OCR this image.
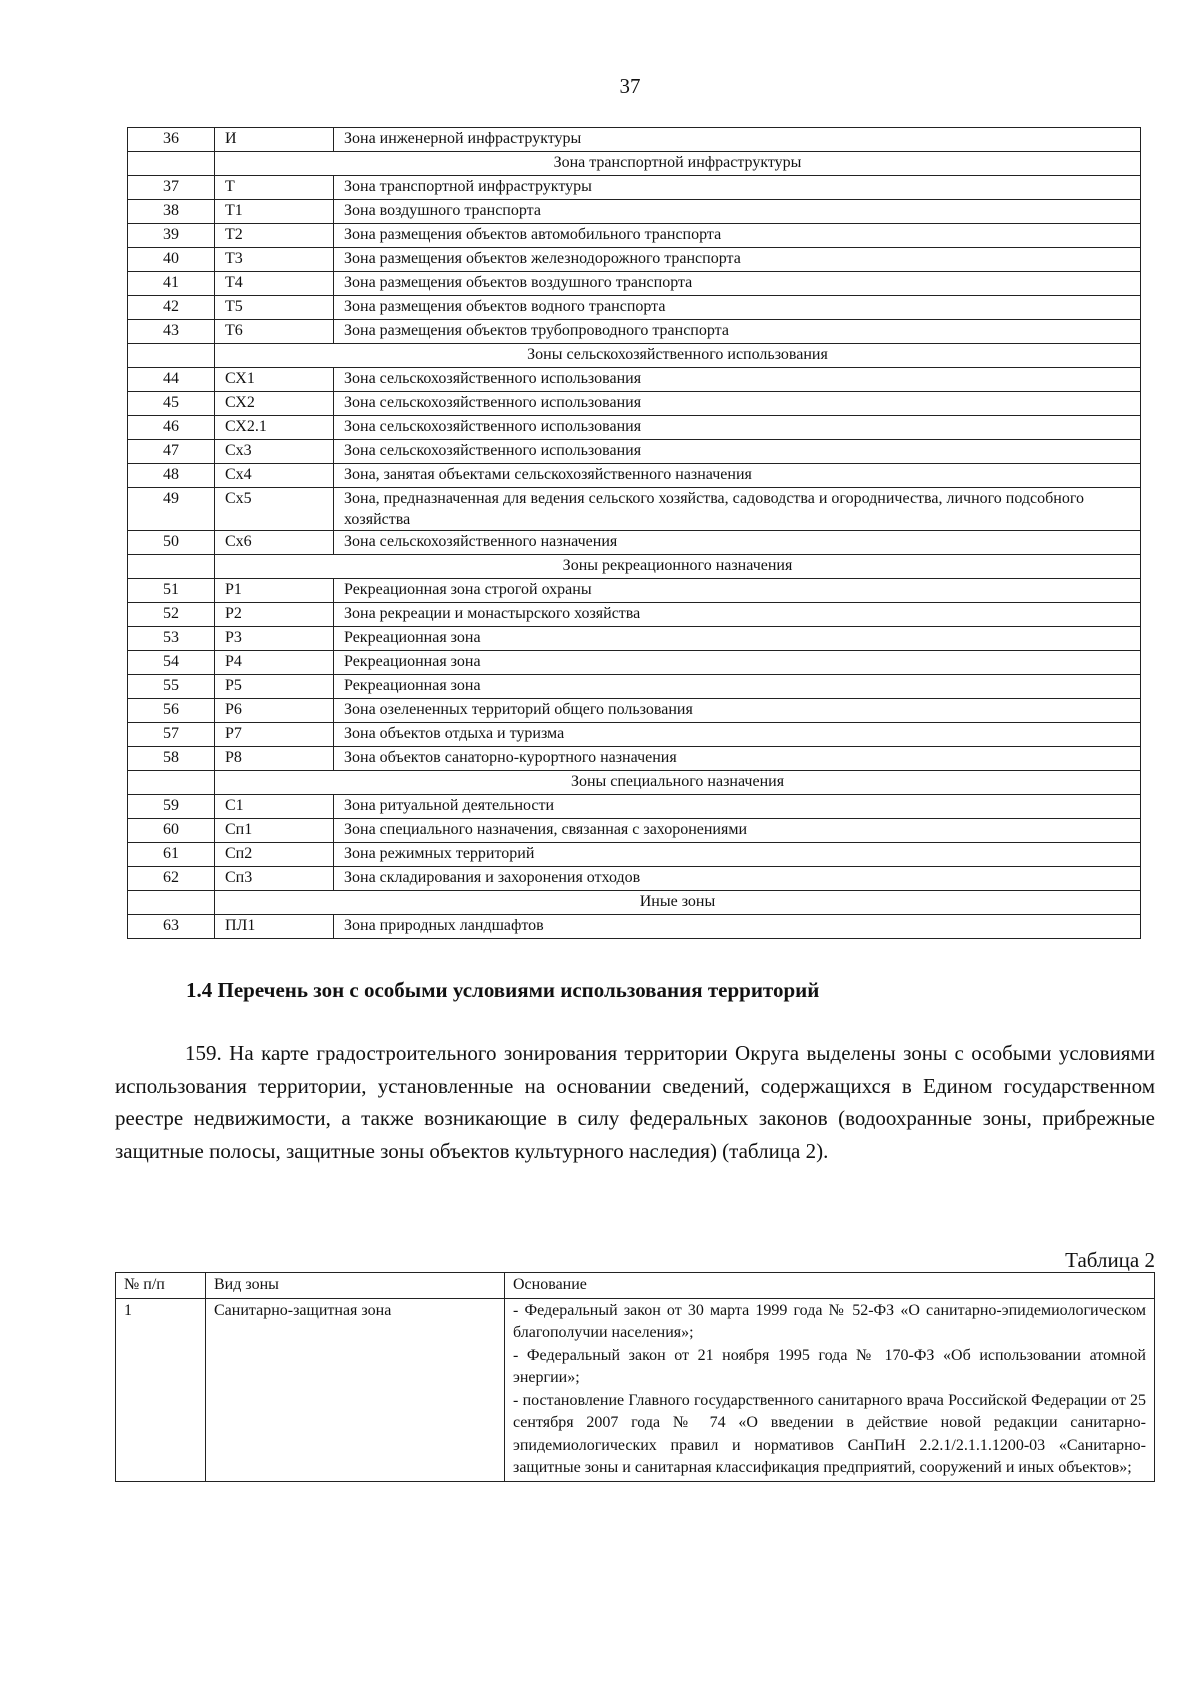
37
36	И	Зона инженерной инфраструктуры
	Зона транспортной инфраструктуры	
37	Т	Зона транспортной инфраструктуры
38	Т1	Зона воздушного транспорта
39	Т2	Зона размещения объектов автомобильного транспорта
40	Т3	Зона размещения объектов железнодорожного транспорта
41	Т4	Зона размещения объектов воздушного транспорта
42	Т5	Зона размещения объектов водного транспорта
43	Т6	Зона размещения объектов трубопроводного транспорта
	Зоны сельскохозяйственного использования	
44	СХ1	Зона сельскохозяйственного использования
45	СХ2	Зона сельскохозяйственного использования
46	СХ2.1	Зона сельскохозяйственного использования
47	Сх3	Зона сельскохозяйственного использования
48	Сх4	Зона, занятая объектами сельскохозяйственного назначения
49	Сх5	Зона, предназначенная для ведения сельского хозяйства, садоводства и огородничества, личного подсобного хозяйства
50	Сх6	Зона сельскохозяйственного назначения
	Зоны рекреационного назначения	
51	Р1	Рекреационная зона строгой охраны
52	Р2	Зона рекреации и монастырского хозяйства
53	Р3	Рекреационная зона
54	Р4	Рекреационная зона
55	Р5	Рекреационная зона
56	Р6	Зона озелененных территорий общего пользования
57	Р7	Зона объектов отдыха и туризма
58	Р8	Зона объектов санаторно-курортного назначения
	Зоны специального назначения	
59	С1	Зона ритуальной деятельности
60	Сп1	Зона специального назначения, связанная с захоронениями
61	Сп2	Зона режимных территорий
62	Сп3	Зона складирования и захоронения отходов
	Иные зоны	
63	ПЛ1	Зона природных ландшафтов
1.4 Перечень зон с особыми условиями использования территорий

159. На карте градостроительного зонирования территории Округа выделены зоны с особыми условиями использования территории, установленные на основании сведений, содержащихся в Едином государственном реестре недвижимости, а также возникающие в силу федеральных законов (водоохранные зоны, прибрежные защитные полосы, защитные зоны объектов культурного наследия) (таблица 2).

Таблица 2
№ п/п	Вид зоны	Основание
1	Санитарно-защитная зона	- Федеральный закон от 30 марта 1999 года № 52-ФЗ «О санитарно-эпидемиологическом благополучии населения»;
- Федеральный закон от 21 ноября 1995 года № 170-ФЗ «Об использовании атомной энергии»;
- постановление Главного государственного санитарного врача Российской Федерации от 25 сентября 2007 года № 74 «О введении в действие новой редакции санитарно-эпидемиологических правил и нормативов СанПиН 2.2.1/2.1.1.1200-03 «Санитарно-защитные зоны и санитарная классификация предприятий, сооружений и иных объектов»;
